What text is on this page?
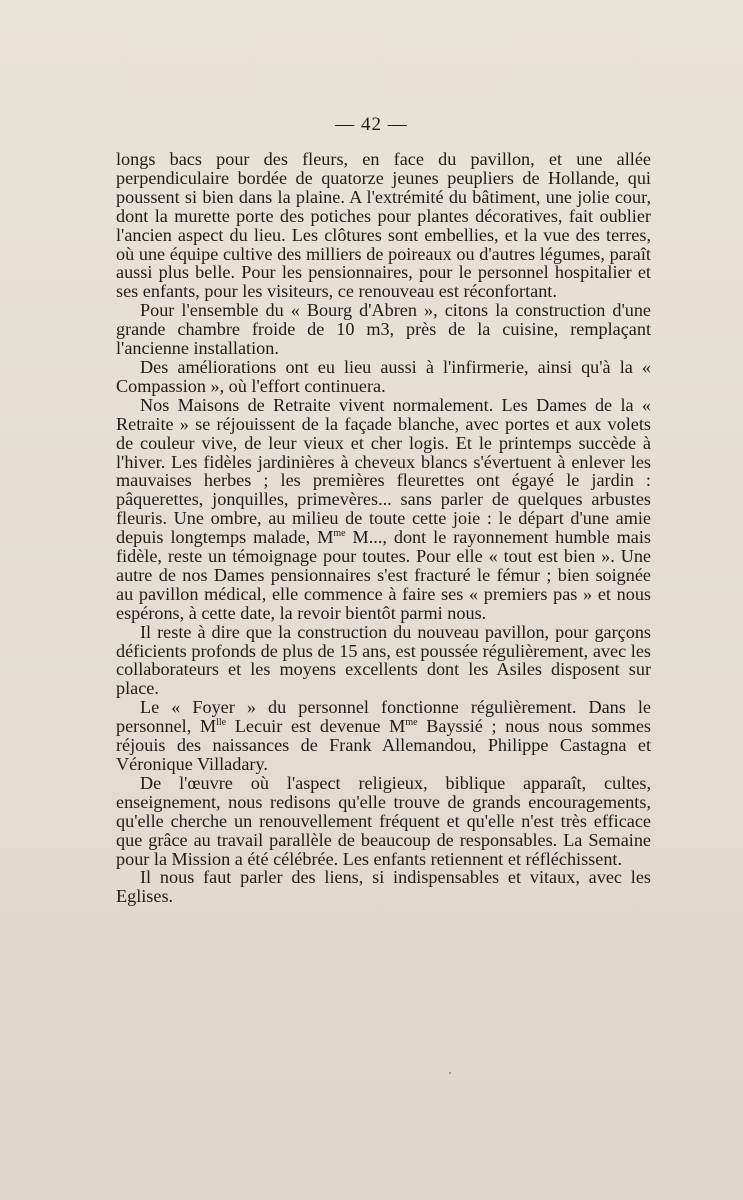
— 42 —

longs bacs pour des fleurs, en face du pavillon, et une allée perpendiculaire bordée de quatorze jeunes peupliers de Hollande, qui poussent si bien dans la plaine. A l'extrémité du bâtiment, une jolie cour, dont la murette porte des potiches pour plantes décoratives, fait oublier l'ancien aspect du lieu. Les clôtures sont embellies, et la vue des terres, où une équipe cultive des milliers de poireaux ou d'autres légumes, paraît aussi plus belle. Pour les pensionnaires, pour le personnel hospitalier et ses enfants, pour les visiteurs, ce renouveau est réconfortant.

Pour l'ensemble du « Bourg d'Abren », citons la construction d'une grande chambre froide de 10 m3, près de la cuisine, remplaçant l'ancienne installation.

Des améliorations ont eu lieu aussi à l'infirmerie, ainsi qu'à la « Compassion », où l'effort continuera.

Nos Maisons de Retraite vivent normalement. Les Dames de la « Retraite » se réjouissent de la façade blanche, avec portes et aux volets de couleur vive, de leur vieux et cher logis. Et le printemps succède à l'hiver. Les fidèles jardinières à cheveux blancs s'évertuent à enlever les mauvaises herbes ; les premières fleurettes ont égayé le jardin : pâquerettes, jonquilles, primevères... sans parler de quelques arbustes fleuris. Une ombre, au milieu de toute cette joie : le départ d'une amie depuis longtemps malade, $M^{me}$ M..., dont le rayonnement humble mais fidèle, reste un témoignage pour toutes. Pour elle « tout est bien ». Une autre de nos Dames pensionnaires s'est fracturé le fémur ; bien soignée au pavillon médical, elle commence à faire ses « premiers pas » et nous espérons, à cette date, la revoir bientôt parmi nous.

Il reste à dire que la construction du nouveau pavillon, pour garçons déficients profonds de plus de 15 ans, est poussée régulièrement, avec les collaborateurs et les moyens excellents dont les Asiles disposent sur place.

Le « Foyer » du personnel fonctionne régulièrement. Dans le personnel, $M^{lle}$ Lecuir est devenue $M^{me}$ Bayssié ; nous nous sommes réjouis des naissances de Frank Allemandou, Philippe Castagna et Véronique Villadary.

De l'œuvre où l'aspect religieux, biblique apparaît, cultes, enseignement, nous redisons qu'elle trouve de grands encouragements, qu'elle cherche un renouvellement fréquent et qu'elle n'est très efficace que grâce au travail parallèle de beaucoup de responsables. La Semaine pour la Mission a été célébrée. Les enfants retiennent et réfléchissent.

Il nous faut parler des liens, si indispensables et vitaux, avec les Eglises.
